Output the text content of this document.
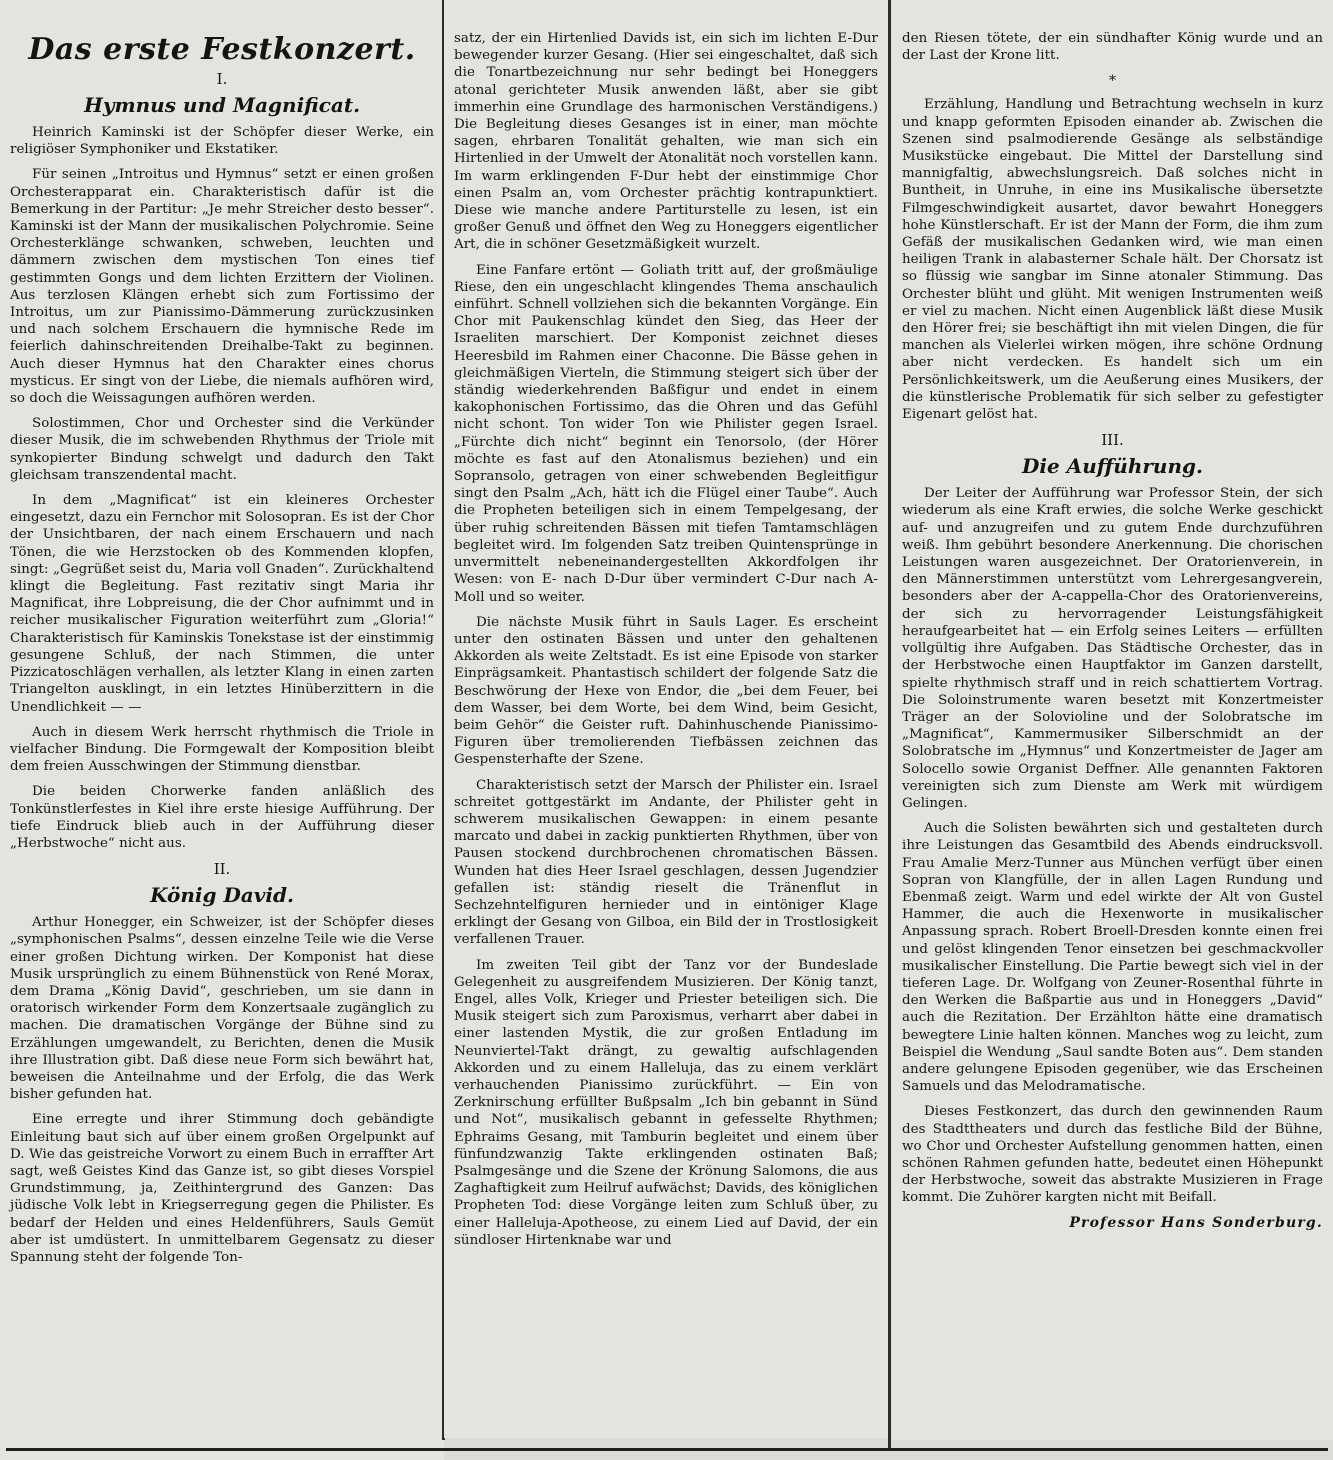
Das erste Festkonzert.
I.
Hymnus und Magnificat.

Heinrich Kaminski ist der Schöpfer dieser Werke, ein religiöser Symphoniker und Ekstatiker.

Für seinen „Introitus und Hymnus“ setzt er einen großen Orchesterapparat ein. Charakteristisch dafür ist die Bemerkung in der Partitur: „Je mehr Streicher desto besser“. Kaminski ist der Mann der musikalischen Polychromie. Seine Orchesterklänge schwanken, schweben, leuchten und dämmern zwischen dem mystischen Ton eines tief gestimmten Gongs und dem lichten Erzittern der Violinen. Aus terzlosen Klängen erhebt sich zum Fortissimo der Introitus, um zur Pianissimo-Dämmerung zurückzusinken und nach solchem Erschauern die hymnische Rede im feierlich dahinschreitenden Dreihalbe-Takt zu beginnen. Auch dieser Hymnus hat den Charakter eines chorus mysticus. Er singt von der Liebe, die niemals aufhören wird, so doch die Weissagungen aufhören werden.

Solostimmen, Chor und Orchester sind die Verkünder dieser Musik, die im schwebenden Rhythmus der Triole mit synkopierter Bindung schwelgt und dadurch den Takt gleichsam transzendental macht.

In dem „Magnificat“ ist ein kleineres Orchester eingesetzt, dazu ein Fernchor mit Solosopran. Es ist der Chor der Unsichtbaren, der nach einem Erschauern und nach Tönen, die wie Herzstocken ob des Kommenden klopfen, singt: „Gegrüßet seist du, Maria voll Gnaden“. Zurückhaltend klingt die Begleitung. Fast rezitativ singt Maria ihr Magnificat, ihre Lobpreisung, die der Chor aufnimmt und in reicher musikalischer Figuration weiterführt zum „Gloria!“ Charakteristisch für Kaminskis Tonekstase ist der einstimmig gesungene Schluß, der nach Stimmen, die unter Pizzicatoschlägen verhallen, als letzter Klang in einen zarten Triangelton ausklingt, in ein letztes Hinüberzittern in die Unendlichkeit — —

Auch in diesem Werk herrscht rhythmisch die Triole in vielfacher Bindung. Die Formgewalt der Komposition bleibt dem freien Ausschwingen der Stimmung dienstbar.

Die beiden Chorwerke fanden anläßlich des Tonkünstlerfestes in Kiel ihre erste hiesige Aufführung. Der tiefe Eindruck blieb auch in der Aufführung dieser „Herbstwoche“ nicht aus.

II.
König David.

Arthur Honegger, ein Schweizer, ist der Schöpfer dieses „symphonischen Psalms“, dessen einzelne Teile wie die Verse einer großen Dichtung wirken. Der Komponist hat diese Musik ursprünglich zu einem Bühnenstück von René Morax, dem Drama „König David“, geschrieben, um sie dann in oratorisch wirkender Form dem Konzertsaale zugänglich zu machen. Die dramatischen Vorgänge der Bühne sind zu Erzählungen umgewandelt, zu Berichten, denen die Musik ihre Illustration gibt. Daß diese neue Form sich bewährt hat, beweisen die Anteilnahme und der Erfolg, die das Werk bisher gefunden hat.

Eine erregte und ihrer Stimmung doch gebändigte Einleitung baut sich auf über einem großen Orgelpunkt auf D. Wie das geistreiche Vorwort zu einem Buch in erraffter Art sagt, weß Geistes Kind das Ganze ist, so gibt dieses Vorspiel Grundstimmung, ja, Zeithintergrund des Ganzen: Das jüdische Volk lebt in Kriegserregung gegen die Philister. Es bedarf der Helden und eines Heldenführers, Sauls Gemüt aber ist umdüstert. In unmittelbarem Gegensatz zu dieser Spannung steht der folgende Ton-

satz, der ein Hirtenlied Davids ist, ein sich im lichten E-Dur bewegender kurzer Gesang. (Hier sei eingeschaltet, daß sich die Tonartbezeichnung nur sehr bedingt bei Honeggers atonal gerichteter Musik anwenden läßt, aber sie gibt immerhin eine Grundlage des harmonischen Verständigens.) Die Begleitung dieses Gesanges ist in einer, man möchte sagen, ehrbaren Tonalität gehalten, wie man sich ein Hirtenlied in der Umwelt der Atonalität noch vorstellen kann. Im warm erklingenden F-Dur hebt der einstimmige Chor einen Psalm an, vom Orchester prächtig kontrapunktiert. Diese wie manche andere Partiturstelle zu lesen, ist ein großer Genuß und öffnet den Weg zu Honeggers eigentlicher Art, die in schöner Gesetzmäßigkeit wurzelt.

Eine Fanfare ertönt — Goliath tritt auf, der großmäulige Riese, den ein ungeschlacht klingendes Thema anschaulich einführt. Schnell vollziehen sich die bekannten Vorgänge. Ein Chor mit Paukenschlag kündet den Sieg, das Heer der Israeliten marschiert. Der Komponist zeichnet dieses Heeresbild im Rahmen einer Chaconne. Die Bässe gehen in gleichmäßigen Vierteln, die Stimmung steigert sich über der ständig wiederkehrenden Baßfigur und endet in einem kakophonischen Fortissimo, das die Ohren und das Gefühl nicht schont. Ton wider Ton wie Philister gegen Israel. „Fürchte dich nicht“ beginnt ein Tenorsolo, (der Hörer möchte es fast auf den Atonalismus beziehen) und ein Sopransolo, getragen von einer schwebenden Begleitfigur singt den Psalm „Ach, hätt ich die Flügel einer Taube“. Auch die Propheten beteiligen sich in einem Tempelgesang, der über ruhig schreitenden Bässen mit tiefen Tamtamschlägen begleitet wird. Im folgenden Satz treiben Quintensprünge in unvermittelt nebeneinandergestellten Akkordfolgen ihr Wesen: von E- nach D-Dur über vermindert C-Dur nach A-Moll und so weiter.

Die nächste Musik führt in Sauls Lager. Es erscheint unter den ostinaten Bässen und unter den gehaltenen Akkorden als weite Zeltstadt. Es ist eine Episode von starker Einprägsamkeit. Phantastisch schildert der folgende Satz die Beschwörung der Hexe von Endor, die „bei dem Feuer, bei dem Wasser, bei dem Worte, bei dem Wind, beim Gesicht, beim Gehör“ die Geister ruft. Dahinhuschende Pianissimo-Figuren über tremolierenden Tiefbässen zeichnen das Gespensterhafte der Szene.

Charakteristisch setzt der Marsch der Philister ein. Israel schreitet gottgestärkt im Andante, der Philister geht in schwerem musikalischen Gewappen: in einem pesante marcato und dabei in zackig punktierten Rhythmen, über von Pausen stockend durchbrochenen chromatischen Bässen. Wunden hat dies Heer Israel geschlagen, dessen Jugendzier gefallen ist: ständig rieselt die Tränenflut in Sechzehntelfiguren hernieder und in eintöniger Klage erklingt der Gesang von Gilboa, ein Bild der in Trostlosigkeit verfallenen Trauer.

Im zweiten Teil gibt der Tanz vor der Bundeslade Gelegenheit zu ausgreifendem Musizieren. Der König tanzt, Engel, alles Volk, Krieger und Priester beteiligen sich. Die Musik steigert sich zum Paroxismus, verharrt aber dabei in einer lastenden Mystik, die zur großen Entladung im Neunviertel-Takt drängt, zu gewaltig aufschlagenden Akkorden und zu einem Halleluja, das zu einem verklärt verhauchenden Pianissimo zurückführt. — Ein von Zerknirschung erfüllter Bußpsalm „Ich bin gebannt in Sünd und Not“, musikalisch gebannt in gefesselte Rhythmen; Ephraims Gesang, mit Tamburin begleitet und einem über fünfundzwanzig Takte erklingenden ostinaten Baß; Psalmgesänge und die Szene der Krönung Salomons, die aus Zaghaftigkeit zum Heilruf aufwächst; Davids, des königlichen Propheten Tod: diese Vorgänge leiten zum Schluß über, zu einer Halleluja-Apotheose, zu einem Lied auf David, der ein sündloser Hirtenknabe war und

den Riesen tötete, der ein sündhafter König wurde und an der Last der Krone litt.

*

Erzählung, Handlung und Betrachtung wechseln in kurz und knapp geformten Episoden einander ab. Zwischen die Szenen sind psalmodierende Gesänge als selbständige Musikstücke eingebaut. Die Mittel der Darstellung sind mannigfaltig, abwechslungsreich. Daß solches nicht in Buntheit, in Unruhe, in eine ins Musikalische übersetzte Filmgeschwindigkeit ausartet, davor bewahrt Honeggers hohe Künstlerschaft. Er ist der Mann der Form, die ihm zum Gefäß der musikalischen Gedanken wird, wie man einen heiligen Trank in alabasterner Schale hält. Der Chorsatz ist so flüssig wie sangbar im Sinne atonaler Stimmung. Das Orchester blüht und glüht. Mit wenigen Instrumenten weiß er viel zu machen. Nicht einen Augenblick läßt diese Musik den Hörer frei; sie beschäftigt ihn mit vielen Dingen, die für manchen als Vielerlei wirken mögen, ihre schöne Ordnung aber nicht verdecken. Es handelt sich um ein Persönlichkeitswerk, um die Aeußerung eines Musikers, der die künstlerische Problematik für sich selber zu gefestigter Eigenart gelöst hat.

III.
Die Aufführung.

Der Leiter der Aufführung war Professor Stein, der sich wiederum als eine Kraft erwies, die solche Werke geschickt auf- und anzugreifen und zu gutem Ende durchzuführen weiß. Ihm gebührt besondere Anerkennung. Die chorischen Leistungen waren ausgezeichnet. Der Oratorienverein, in den Männerstimmen unterstützt vom Lehrergesangverein, besonders aber der A-cappella-Chor des Oratorienvereins, der sich zu hervorragender Leistungsfähigkeit heraufgearbeitet hat — ein Erfolg seines Leiters — erfüllten vollgültig ihre Aufgaben. Das Städtische Orchester, das in der Herbstwoche einen Hauptfaktor im Ganzen darstellt, spielte rhythmisch straff und in reich schattiertem Vortrag. Die Soloinstrumente waren besetzt mit Konzertmeister Träger an der Solovioline und der Solobratsche im „Magnificat“, Kammermusiker Silberschmidt an der Solobratsche im „Hymnus“ und Konzertmeister de Jager am Solocello sowie Organist Deffner. Alle genannten Faktoren vereinigten sich zum Dienste am Werk mit würdigem Gelingen.

Auch die Solisten bewährten sich und gestalteten durch ihre Leistungen das Gesamtbild des Abends eindrucksvoll. Frau Amalie Merz-Tunner aus München verfügt über einen Sopran von Klangfülle, der in allen Lagen Rundung und Ebenmaß zeigt. Warm und edel wirkte der Alt von Gustel Hammer, die auch die Hexenworte in musikalischer Anpassung sprach. Robert Broell-Dresden konnte einen frei und gelöst klingenden Tenor einsetzen bei geschmackvoller musikalischer Einstellung. Die Partie bewegt sich viel in der tieferen Lage. Dr. Wolfgang von Zeuner-Rosenthal führte in den Werken die Baßpartie aus und in Honeggers „David“ auch die Rezitation. Der Erzählton hätte eine dramatisch bewegtere Linie halten können. Manches wog zu leicht, zum Beispiel die Wendung „Saul sandte Boten aus“. Dem standen andere gelungene Episoden gegenüber, wie das Erscheinen Samuels und das Melodramatische.

Dieses Festkonzert, das durch den gewinnenden Raum des Stadttheaters und durch das festliche Bild der Bühne, wo Chor und Orchester Aufstellung genommen hatten, einen schönen Rahmen gefunden hatte, bedeutet einen Höhepunkt der Herbstwoche, soweit das abstrakte Musizieren in Frage kommt. Die Zuhörer kargten nicht mit Beifall.

Professor Hans Sonderburg.
